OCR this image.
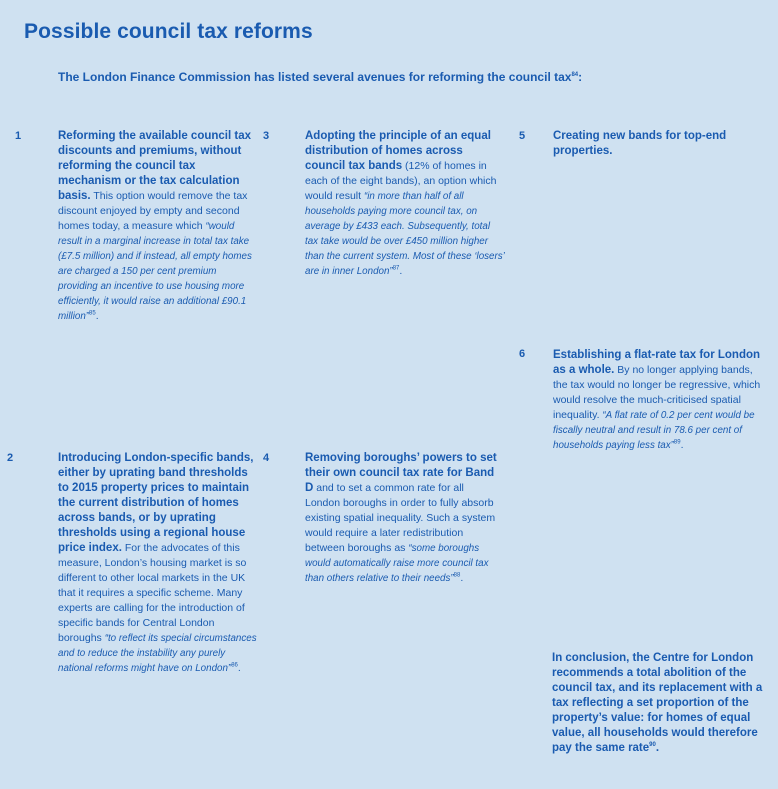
Possible council tax reforms
The London Finance Commission has listed several avenues for reforming the council tax$^{84}$:
1	Reforming the available council tax discounts and premiums, without reforming the council tax mechanism or the tax calculation basis. This option would remove the tax discount enjoyed by empty and second homes today, a measure which “would result in a marginal increase in total tax take (£7.5 million) and if instead, all empty homes are charged a 150 per cent premium providing an incentive to use housing more efficiently, it would raise an additional £90.1 million”$^{85}$.
2	Introducing London-specific bands, either by uprating band thresholds to 2015 property prices to maintain the current distribution of homes across bands, or by uprating thresholds using a regional house price index. For the advocates of this measure, London’s housing market is so different to other local markets in the UK that it requires a specific scheme. Many experts are calling for the introduction of specific bands for Central London boroughs “to reflect its special circumstances and to reduce the instability any purely national reforms might have on London”$^{86}$.
3	Adopting the principle of an equal distribution of homes across council tax bands (12% of homes in each of the eight bands), an option which would result “in more than half of all households paying more council tax, on average by £433 each. Subsequently, total tax take would be over £450 million higher than the current system. Most of these ‘losers’ are in inner London”$^{87}$.
4	Removing boroughs’ powers to set their own council tax rate for Band D and to set a common rate for all London boroughs in order to fully absorb existing spatial inequality. Such a system would require a later redistribution between boroughs as “some boroughs would automatically raise more council tax than others relative to their needs”$^{88}$.
5 Creating new bands for top-end properties.
6 Establishing a flat-rate tax for London as a whole. By no longer applying bands, the tax would no longer be regressive, which would resolve the much-criticised spatial inequality. “A flat rate of 0.2 per cent would be fiscally neutral and result in 78.6 per cent of households paying less tax”$^{89}$.
In conclusion, the Centre for London recommends a total abolition of the council tax, and its replacement with a tax reflecting a set proportion of the property’s value: for homes of equal value, all households would therefore pay the same rate$^{90}$.
